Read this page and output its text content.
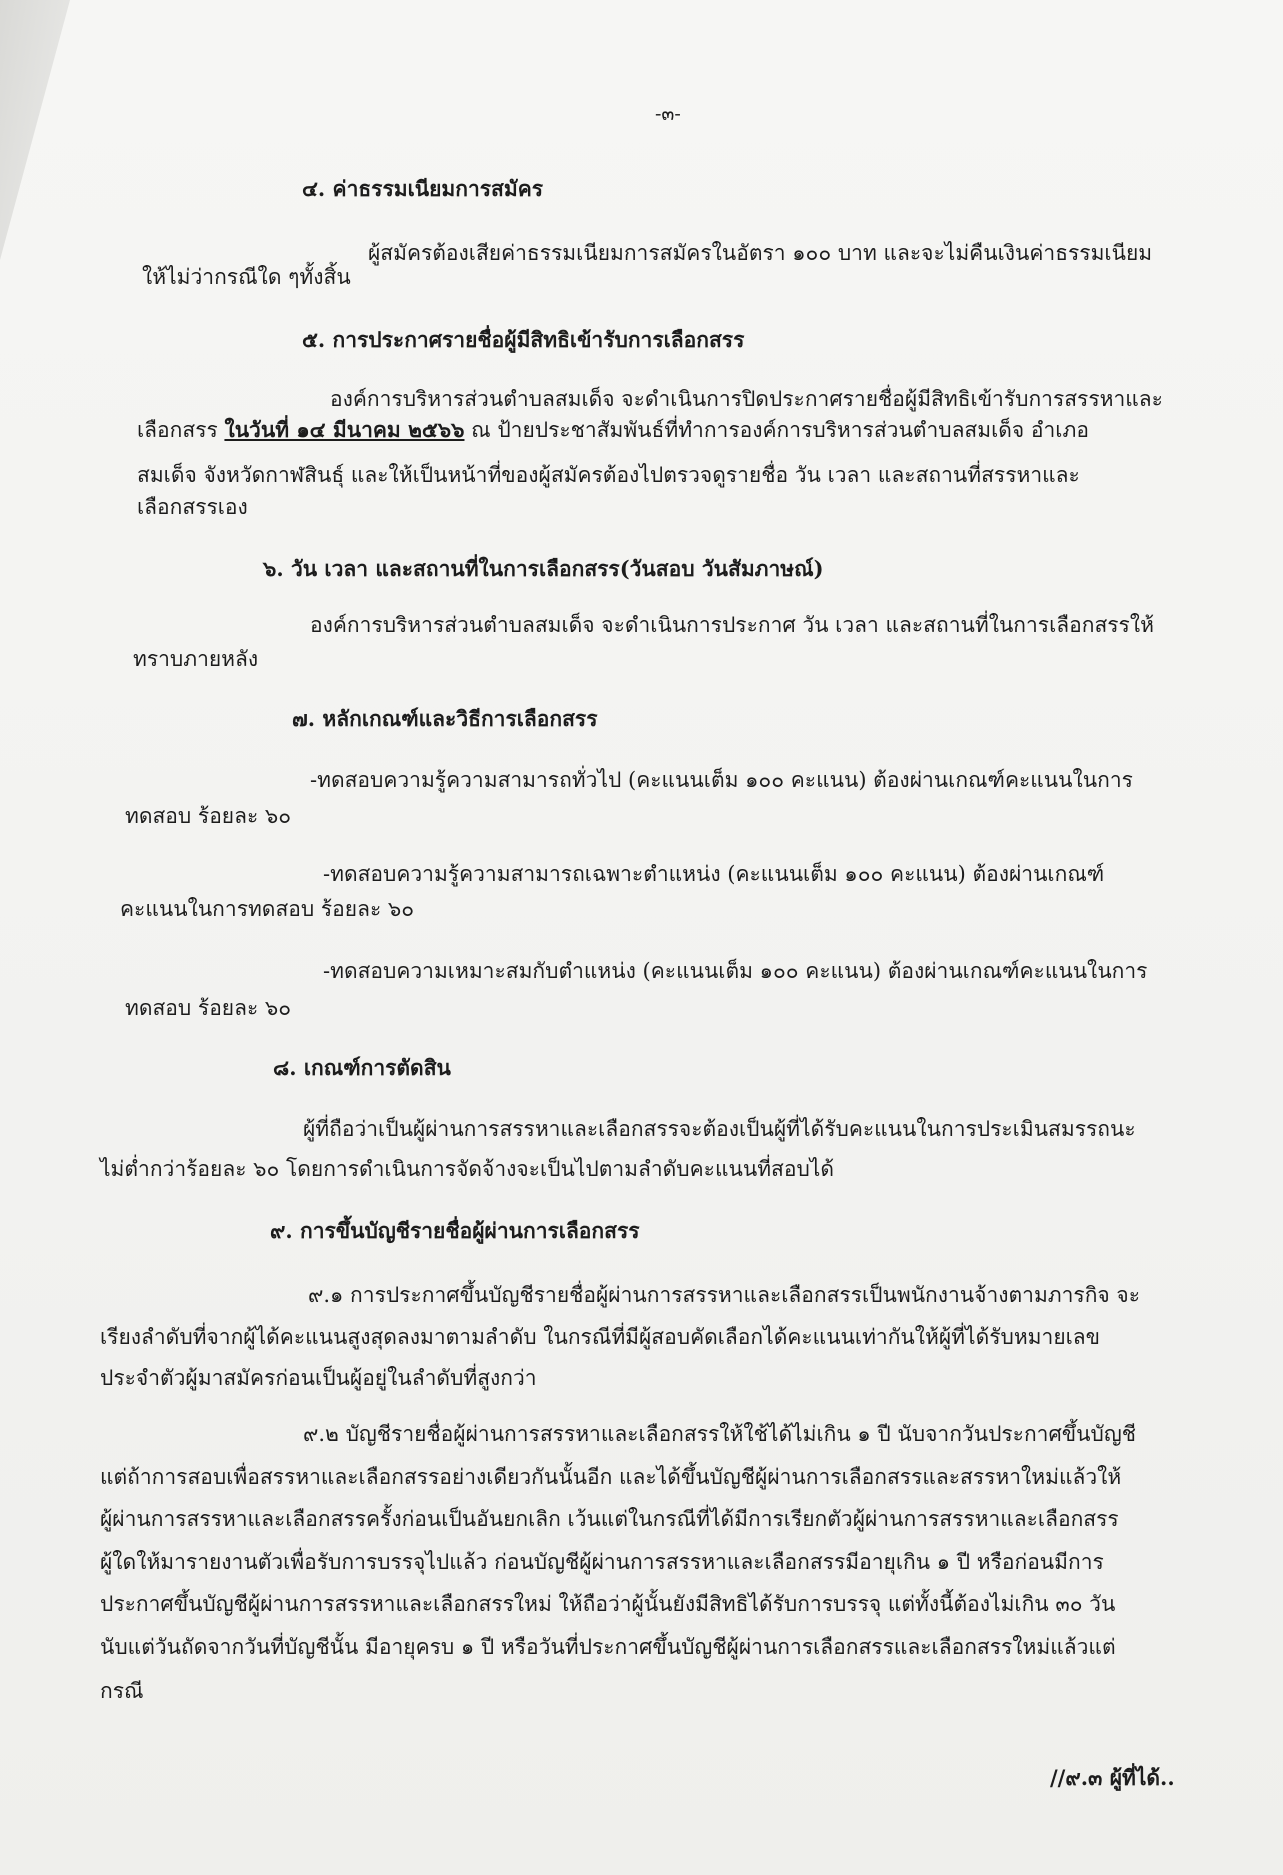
-๓-
๔. ค่าธรรมเนียมการสมัคร
ผู้สมัครต้องเสียค่าธรรมเนียมการสมัครในอัตรา ๑๐๐ บาท และจะไม่คืนเงินค่าธรรมเนียม
ให้ไม่ว่ากรณีใด ๆทั้งสิ้น
๕. การประกาศรายชื่อผู้มีสิทธิเข้ารับการเลือกสรร
องค์การบริหารส่วนตำบลสมเด็จ จะดำเนินการปิดประกาศรายชื่อผู้มีสิทธิเข้ารับการสรรหาและ
เลือกสรร ในวันที่ ๑๔ มีนาคม ๒๕๖๖ ณ ป้ายประชาสัมพันธ์ที่ทำการองค์การบริหารส่วนตำบลสมเด็จ อำเภอ
สมเด็จ จังหวัดกาฬสินธุ์ และให้เป็นหน้าที่ของผู้สมัครต้องไปตรวจดูรายชื่อ วัน เวลา และสถานที่สรรหาและ
เลือกสรรเอง
๖. วัน เวลา และสถานที่ในการเลือกสรร(วันสอบ วันสัมภาษณ์)
องค์การบริหารส่วนตำบลสมเด็จ จะดำเนินการประกาศ วัน เวลา และสถานที่ในการเลือกสรรให้
ทราบภายหลัง
๗. หลักเกณฑ์และวิธีการเลือกสรร
-ทดสอบความรู้ความสามารถทั่วไป (คะแนนเต็ม ๑๐๐ คะแนน) ต้องผ่านเกณฑ์คะแนนในการ
ทดสอบ ร้อยละ ๖๐
-ทดสอบความรู้ความสามารถเฉพาะตำแหน่ง (คะแนนเต็ม ๑๐๐ คะแนน) ต้องผ่านเกณฑ์
คะแนนในการทดสอบ ร้อยละ ๖๐
-ทดสอบความเหมาะสมกับตำแหน่ง (คะแนนเต็ม ๑๐๐ คะแนน) ต้องผ่านเกณฑ์คะแนนในการ
ทดสอบ ร้อยละ ๖๐
๘. เกณฑ์การตัดสิน
ผู้ที่ถือว่าเป็นผู้ผ่านการสรรหาและเลือกสรรจะต้องเป็นผู้ที่ได้รับคะแนนในการประเมินสมรรถนะ
ไม่ต่ำกว่าร้อยละ ๖๐ โดยการดำเนินการจัดจ้างจะเป็นไปตามลำดับคะแนนที่สอบได้
๙. การขึ้นบัญชีรายชื่อผู้ผ่านการเลือกสรร
๙.๑ การประกาศขึ้นบัญชีรายชื่อผู้ผ่านการสรรหาและเลือกสรรเป็นพนักงานจ้างตามภารกิจ จะ
เรียงลำดับที่จากผู้ได้คะแนนสูงสุดลงมาตามลำดับ ในกรณีที่มีผู้สอบคัดเลือกได้คะแนนเท่ากันให้ผู้ที่ได้รับหมายเลข
ประจำตัวผู้มาสมัครก่อนเป็นผู้อยู่ในลำดับที่สูงกว่า
๙.๒ บัญชีรายชื่อผู้ผ่านการสรรหาและเลือกสรรให้ใช้ได้ไม่เกิน ๑ ปี นับจากวันประกาศขึ้นบัญชี
แต่ถ้าการสอบเพื่อสรรหาและเลือกสรรอย่างเดียวกันนั้นอีก และได้ขึ้นบัญชีผู้ผ่านการเลือกสรรและสรรหาใหม่แล้วให้
ผู้ผ่านการสรรหาและเลือกสรรครั้งก่อนเป็นอันยกเลิก เว้นแต่ในกรณีที่ได้มีการเรียกตัวผู้ผ่านการสรรหาและเลือกสรร
ผู้ใดให้มารายงานตัวเพื่อรับการบรรจุไปแล้ว ก่อนบัญชีผู้ผ่านการสรรหาและเลือกสรรมีอายุเกิน ๑ ปี หรือก่อนมีการ
ประกาศขึ้นบัญชีผู้ผ่านการสรรหาและเลือกสรรใหม่ ให้ถือว่าผู้นั้นยังมีสิทธิได้รับการบรรจุ แต่ทั้งนี้ต้องไม่เกิน ๓๐ วัน
นับแต่วันถัดจากวันที่บัญชีนั้น มีอายุครบ ๑ ปี หรือวันที่ประกาศขึ้นบัญชีผู้ผ่านการเลือกสรรและเลือกสรรใหม่แล้วแต่
กรณี
//๙.๓ ผู้ที่ได้..
